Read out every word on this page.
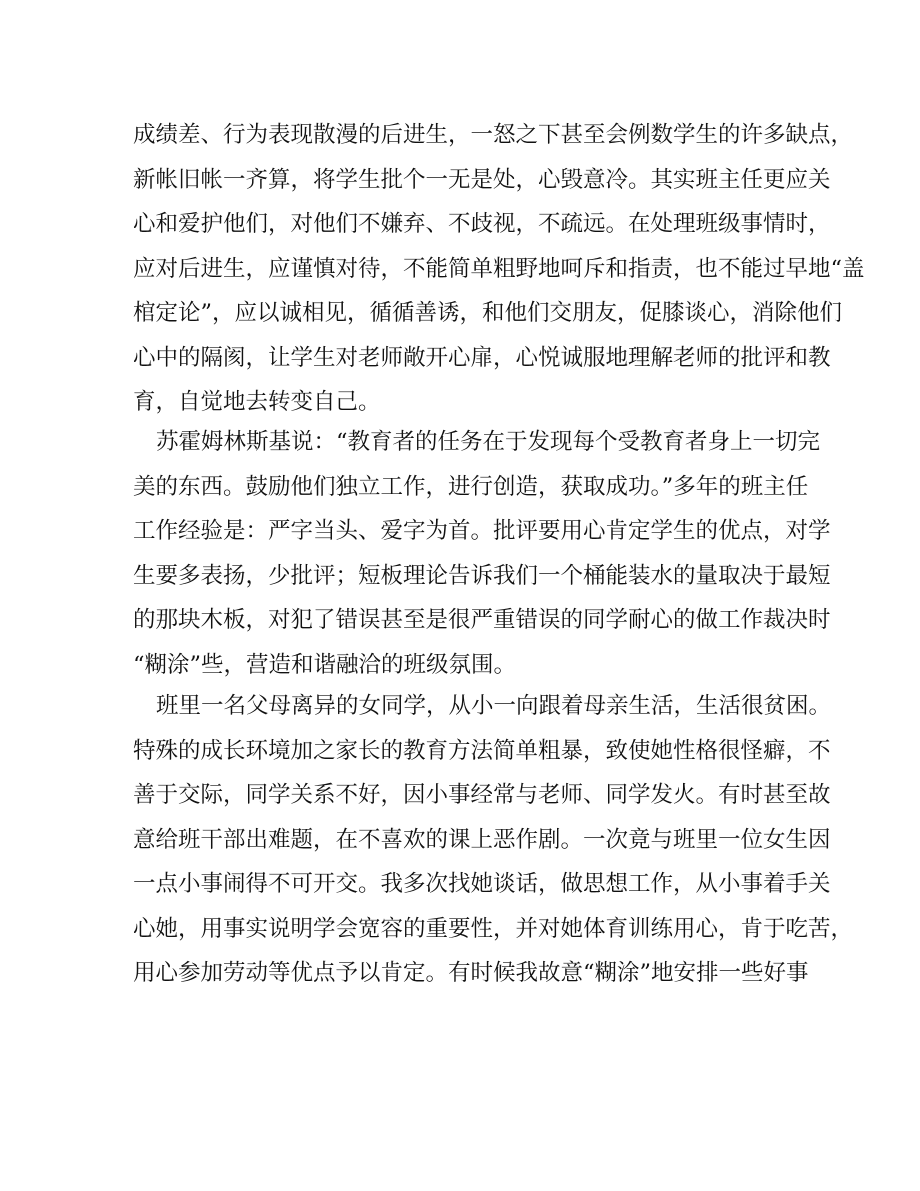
成绩差、行为表现散漫的后进生，一怒之下甚至会例数学生的许多缺点，
新帐旧帐一齐算，将学生批个一无是处，心毁意冷。其实班主任更应关
心和爱护他们，对他们不嫌弃、不歧视，不疏远。在处理班级事情时，
应对后进生，应谨慎对待，不能简单粗野地呵斥和指责，也不能过早地“盖
棺定论”，应以诚相见，循循善诱，和他们交朋友，促膝谈心，消除他们
心中的隔阂，让学生对老师敞开心扉，心悦诚服地理解老师的批评和教
育，自觉地去转变自己。
苏霍姆林斯基说：“教育者的任务在于发现每个受教育者身上一切完
美的东西。鼓励他们独立工作，进行创造，获取成功。”多年的班主任
工作经验是：严字当头、爱字为首。批评要用心肯定学生的优点，对学
生要多表扬，少批评；短板理论告诉我们一个桶能装水的量取决于最短
的那块木板，对犯了错误甚至是很严重错误的同学耐心的做工作裁决时
“糊涂”些，营造和谐融洽的班级氛围。
班里一名父母离异的女同学，从小一向跟着母亲生活，生活很贫困。
特殊的成长环境加之家长的教育方法简单粗暴，致使她性格很怪癖，不
善于交际，同学关系不好，因小事经常与老师、同学发火。有时甚至故
意给班干部出难题，在不喜欢的课上恶作剧。一次竟与班里一位女生因
一点小事闹得不可开交。我多次找她谈话，做思想工作，从小事着手关
心她，用事实说明学会宽容的重要性，并对她体育训练用心，肯于吃苦，
用心参加劳动等优点予以肯定。有时候我故意“糊涂”地安排一些好事
